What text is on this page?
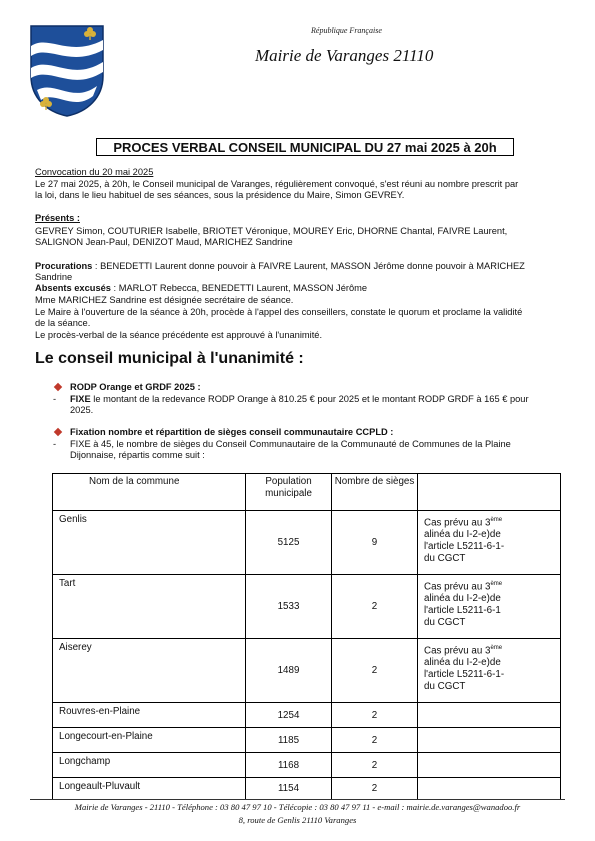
République Française
Mairie de Varanges 21110
PROCES VERBAL CONSEIL MUNICIPAL DU 27 mai 2025 à 20h
Convocation du 20 mai 2025
Le 27 mai 2025, à 20h, le Conseil municipal de Varanges, régulièrement convoqué, s'est réuni au nombre prescrit par
la loi, dans le lieu habituel de ses séances, sous la présidence du Maire, Simon GEVREY.
Présents :
GEVREY Simon, COUTURIER Isabelle, BRIOTET Véronique, MOUREY Eric, DHORNE Chantal, FAIVRE Laurent,
SALIGNON Jean-Paul, DENIZOT Maud, MARICHEZ Sandrine
Procurations : BENEDETTI Laurent donne pouvoir à FAIVRE Laurent, MASSON Jérôme donne pouvoir à MARICHEZ
Sandrine
Absents excusés : MARLOT Rebecca, BENEDETTI Laurent, MASSON Jérôme
Mme MARICHEZ Sandrine est désignée secrétaire de séance.
Le Maire à l'ouverture de la séance à 20h, procède à l'appel des conseillers, constate le quorum et proclame la validité
de la séance.
Le procès-verbal de la séance précédente est approuvé à l'unanimité.
Le conseil municipal à l'unanimité :
RODP Orange et GRDF 2025 :
- FIXE le montant de la redevance RODP Orange à 810.25 € pour 2025 et le montant RODP GRDF à 165 € pour
2025.
Fixation nombre et répartition de sièges conseil communautaire CCPLD :
- FIXE à 45, le nombre de sièges du Conseil Communautaire de la Communauté de Communes de la Plaine
Dijonnaise, répartis comme suit :
Nom de la commune	Population municipale	Nombre de sièges	
Genlis	5125	9	Cas prévu au 3ème
alinéa du I-2-e)de
l'article L5211-6-1-
du CGCT
Tart	1533	2	Cas prévu au 3ème
alinéa du I-2-e)de
l'article L5211-6-1
du CGCT
Aiserey	1489	2	Cas prévu au 3ème
alinéa du I-2-e)de
l'article L5211-6-1-
du CGCT
Rouvres-en-Plaine	1254	2	
Longecourt-en-Plaine	1185	2	
Longchamp	1168	2	
Longeault-Pluvault	1154	2	
Mairie de Varanges - 21110 - Téléphone : 03 80 47 97 10 - Télécopie : 03 80 47 97 11 - e-mail : mairie.de.varanges@wanadoo.fr
8, route de Genlis 21110 Varanges
